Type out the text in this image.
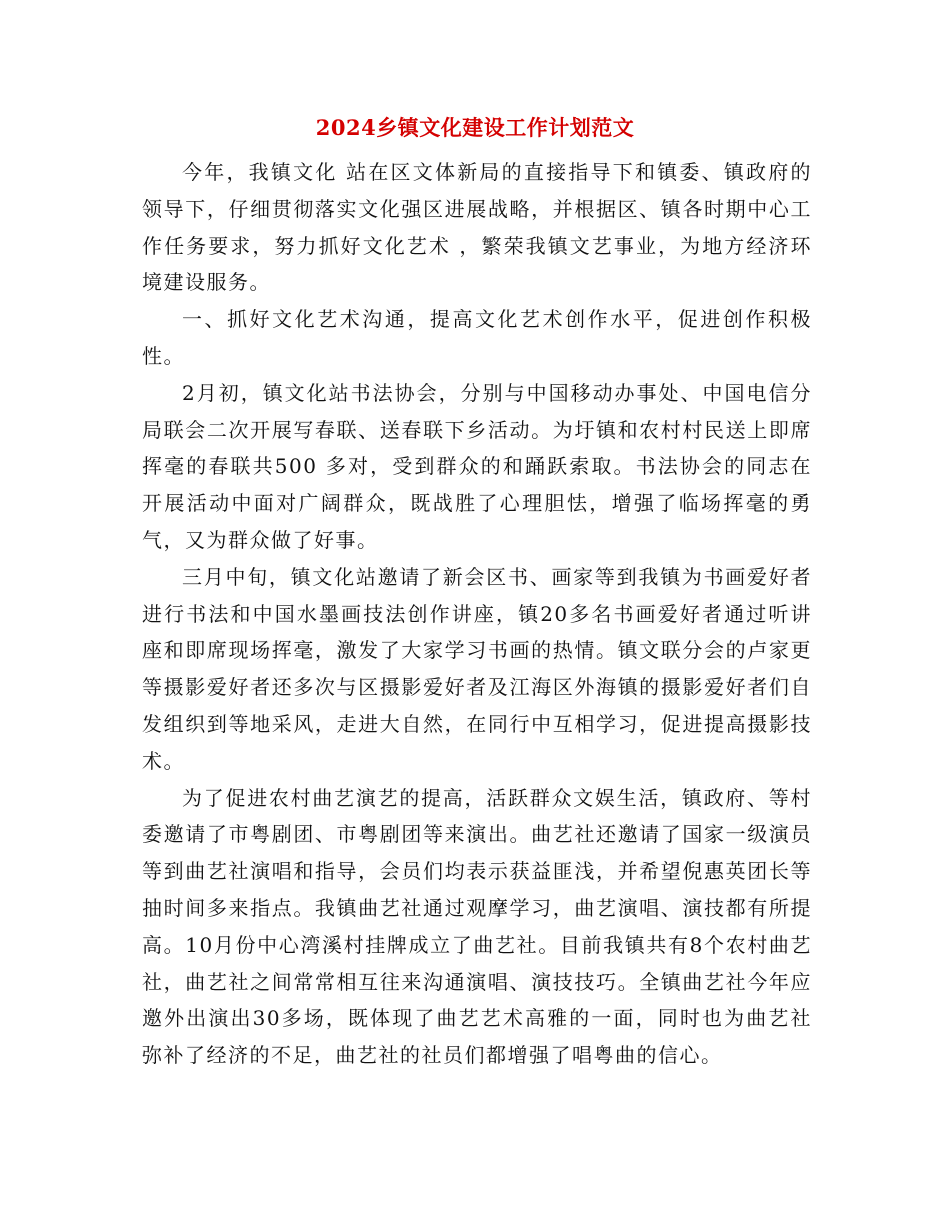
2024乡镇文化建设工作计划范文

今年，我镇文化 站在区文体新局的直接指导下和镇委、镇政府的领导下，仔细贯彻落实文化强区进展战略，并根据区、镇各时期中心工作任务要求，努力抓好文化艺术 ，繁荣我镇文艺事业，为地方经济环境建设服务。

一、抓好文化艺术沟通，提高文化艺术创作水平，促进创作积极性。

2月初，镇文化站书法协会，分别与中国移动办事处、中国电信分局联会二次开展写春联、送春联下乡活动。为圩镇和农村村民送上即席挥毫的春联共500 多对，受到群众的和踊跃索取。书法协会的同志在开展活动中面对广阔群众，既战胜了心理胆怯，增强了临场挥毫的勇气，又为群众做了好事。

三月中旬，镇文化站邀请了新会区书、画家等到我镇为书画爱好者进行书法和中国水墨画技法创作讲座，镇20多名书画爱好者通过听讲座和即席现场挥毫，激发了大家学习书画的热情。镇文联分会的卢家更等摄影爱好者还多次与区摄影爱好者及江海区外海镇的摄影爱好者们自发组织到等地采风，走进大自然，在同行中互相学习，促进提高摄影技术。

为了促进农村曲艺演艺的提高，活跃群众文娱生活，镇政府、等村委邀请了市粤剧团、市粤剧团等来演出。曲艺社还邀请了国家一级演员等到曲艺社演唱和指导，会员们均表示获益匪浅，并希望倪惠英团长等抽时间多来指点。我镇曲艺社通过观摩学习，曲艺演唱、演技都有所提高。10月份中心湾溪村挂牌成立了曲艺社。目前我镇共有8个农村曲艺社，曲艺社之间常常相互往来沟通演唱、演技技巧。全镇曲艺社今年应邀外出演出30多场，既体现了曲艺艺术高雅的一面，同时也为曲艺社弥补了经济的不足，曲艺社的社员们都增强了唱粤曲的信心。
